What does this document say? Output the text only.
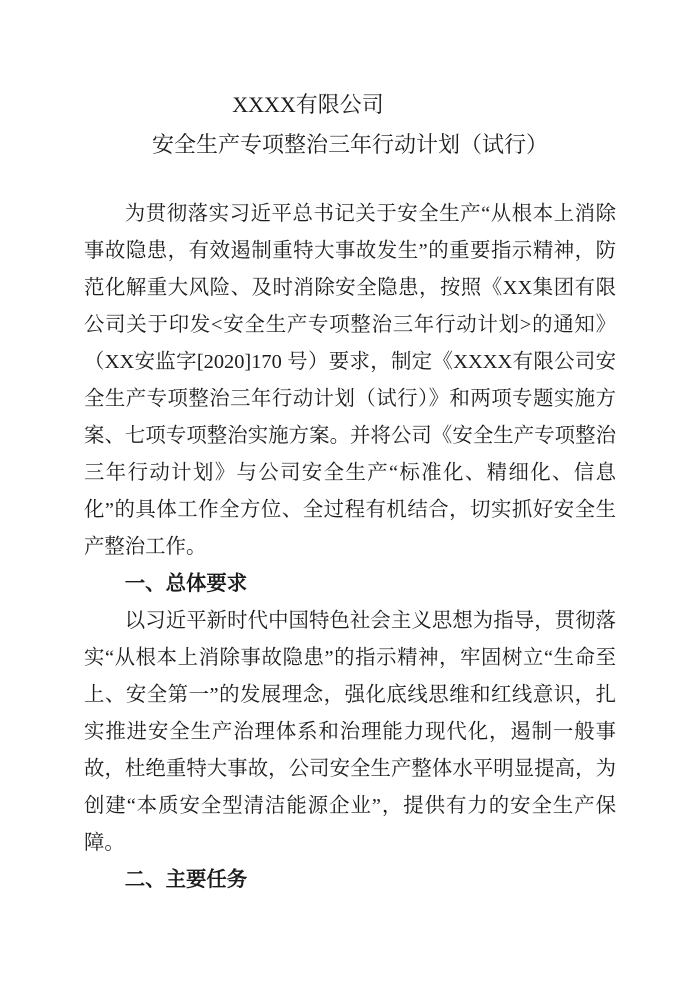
XXXX有限公司

安全生产专项整治三年行动计划（试行）

为贯彻落实习近平总书记关于安全生产“从根本上消除事故隐患，有效遏制重特大事故发生”的重要指示精神，防范化解重大风险、及时消除安全隐患，按照《XX集团有限公司关于印发<安全生产专项整治三年行动计划>的通知》（XX安监字[2020]170 号）要求，制定《XXXX有限公司安全生产专项整治三年行动计划（试行）》和两项专题实施方案、七项专项整治实施方案。并将公司《安全生产专项整治三年行动计划》与公司安全生产“标准化、精细化、信息化”的具体工作全方位、全过程有机结合，切实抓好安全生产整治工作。

一、总体要求

以习近平新时代中国特色社会主义思想为指导，贯彻落实“从根本上消除事故隐患”的指示精神，牢固树立“生命至上、安全第一”的发展理念，强化底线思维和红线意识，扎实推进安全生产治理体系和治理能力现代化，遏制一般事故，杜绝重特大事故，公司安全生产整体水平明显提高，为创建“本质安全型清洁能源企业”，提供有力的安全生产保障。

二、主要任务
